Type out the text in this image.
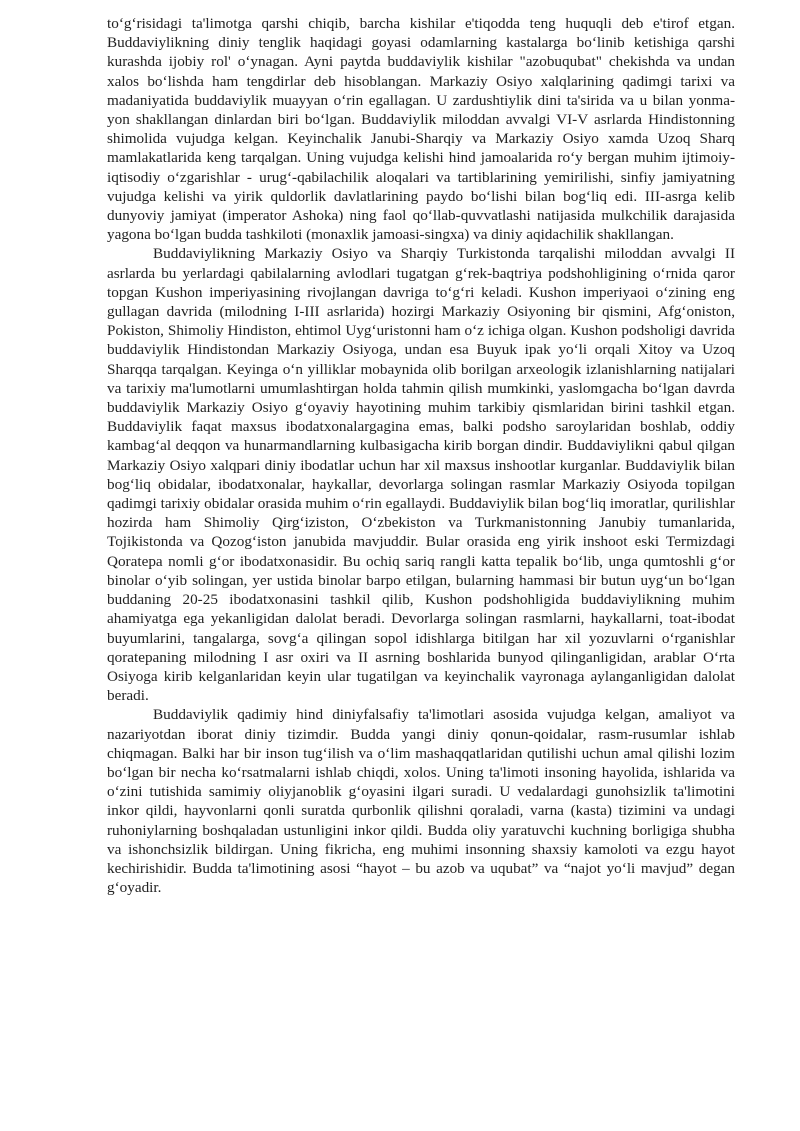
to‘g‘risidagi ta'limotga qarshi chiqib, barcha kishilar e'tiqodda teng huquqli deb e'tirof etgan. Buddaviylikning diniy tenglik haqidagi goyasi odamlarning kastalarga bo‘linib ketishiga qarshi kurashda ijobiy rol' o‘ynagan. Ayni paytda buddaviylik kishilar "azobuqubat" chekishda va undan xalos bo‘lishda ham tengdirlar deb hisoblangan. Markaziy Osiyo xalqlarining qadimgi tarixi va madaniyatida buddaviylik muayyan o‘rin egallagan. U zardushtiylik dini ta'sirida va u bilan yonma-yon shakllangan dinlardan biri bo‘lgan. Buddaviylik miloddan avvalgi VI-V asrlarda Hindistonning shimolida vujudga kelgan. Keyinchalik Janubi-Sharqiy va Markaziy Osiyo xamda Uzoq Sharq mamlakatlarida keng tarqalgan. Uning vujudga kelishi hind jamoalarida ro‘y bergan muhim ijtimoiy-iqtisodiy o‘zgarishlar - urug‘-qabilachilik aloqalari va tartiblarining yemirilishi, sinfiy jamiyatning vujudga kelishi va yirik quldorlik davlatlarining paydo bo‘lishi bilan bog‘liq edi. III-asrga kelib dunyoviy jamiyat (imperator Ashoka) ning faol qo‘llab-quvvatlashi natijasida mulkchilik darajasida yagona bo‘lgan budda tashkiloti (monaxlik jamoasi-singxa) va diniy aqidachilik shakllangan.

Buddaviylikning Markaziy Osiyo va Sharqiy Turkistonda tarqalishi miloddan avvalgi II asrlarda bu yerlardagi qabilalarning avlodlari tugatgan g‘rek-baqtriya podshohligining o‘rnida qaror topgan Kushon imperiyasining rivojlangan davriga to‘g‘ri keladi. Kushon imperiyaoi o‘zining eng gullagan davrida (milodning I-III asrlarida) hozirgi Markaziy Osiyoning bir qismini, Afg‘oniston, Pokiston, Shimoliy Hindiston, ehtimol Uyg‘uristonni ham o‘z ichiga olgan. Kushon podsholigi davrida buddaviylik Hindistondan Markaziy Osiyoga, undan esa Buyuk ipak yo‘li orqali Xitoy va Uzoq Sharqqa tarqalgan. Keyinga o‘n yilliklar mobaynida olib borilgan arxeologik izlanishlarning natijalari va tarixiy ma'lumotlarni umumlashtirgan holda tahmin qilish mumkinki, yaslomgacha bo‘lgan davrda buddaviylik Markaziy Osiyo g‘oyaviy hayotining muhim tarkibiy qismlaridan birini tashkil etgan. Buddaviylik faqat maxsus ibodatxonalargagina emas, balki podsho saroylaridan boshlab, oddiy kambag‘al deqqon va hunarmandlarning kulbasigacha kirib borgan dindir. Buddaviylikni qabul qilgan Markaziy Osiyo xalqpari diniy ibodatlar uchun har xil maxsus inshootlar kurganlar. Buddaviylik bilan bog‘liq obidalar, ibodatxonalar, haykallar, devorlarga solingan rasmlar Markaziy Osiyoda topilgan qadimgi tarixiy obidalar orasida muhim o‘rin egallaydi. Buddaviylik bilan bog‘liq imoratlar, qurilishlar hozirda ham Shimoliy Qirg‘iziston, O‘zbekiston va Turkmanistonning Janubiy tumanlarida, Tojikistonda va Qozog‘iston janubida mavjuddir. Bular orasida eng yirik inshoot eski Termizdagi Qoratepa nomli g‘or ibodatxonasidir. Bu ochiq sariq rangli katta tepalik bo‘lib, unga qumtoshli g‘or binolar o‘yib solingan, yer ustida binolar barpo etilgan, bularning hammasi bir butun uyg‘un bo‘lgan buddaning 20-25 ibodatxonasini tashkil qilib, Kushon podshohligida buddaviylikning muhim ahamiyatga ega yekanligidan dalolat beradi. Devorlarga solingan rasmlarni, haykallarni, toat-ibodat buyumlarini, tangalarga, sovg‘a qilingan sopol idishlarga bitilgan har xil yozuvlarni o‘rganishlar qoratepaning milodning I asr oxiri va II asrning boshlarida bunyod qilinganligidan, arablar O‘rta Osiyoga kirib kelganlaridan keyin ular tugatilgan va keyinchalik vayronaga aylanganligidan dalolat beradi.

Buddaviylik qadimiy hind diniyfalsafiy ta'limotlari asosida vujudga kelgan, amaliyot va nazariyotdan iborat diniy tizimdir. Budda yangi diniy qonun-qoidalar, rasm-rusumlar ishlab chiqmagan. Balki har bir inson tug‘ilish va o‘lim mashaqqatlaridan qutilishi uchun amal qilishi lozim bo‘lgan bir necha ko‘rsatmalarni ishlab chiqdi, xolos. Uning ta'limoti insoning hayolida, ishlarida va o‘zini tutishida samimiy oliyjanoblik g‘oyasini ilgari suradi. U vedalardagi gunohsizlik ta'limotini inkor qildi, hayvonlarni qonli suratda qurbonlik qilishni qoraladi, varna (kasta) tizimini va undagi ruhoniylarning boshqaladan ustunligini inkor qildi. Budda oliy yaratuvchi kuchning borligiga shubha va ishonchsizlik bildirgan. Uning fikricha, eng muhimi insonning shaxsiy kamoloti va ezgu hayot kechirishidir. Budda ta'limotining asosi “hayot – bu azob va uqubat” va “najot yo‘li mavjud” degan g‘oyadir.
